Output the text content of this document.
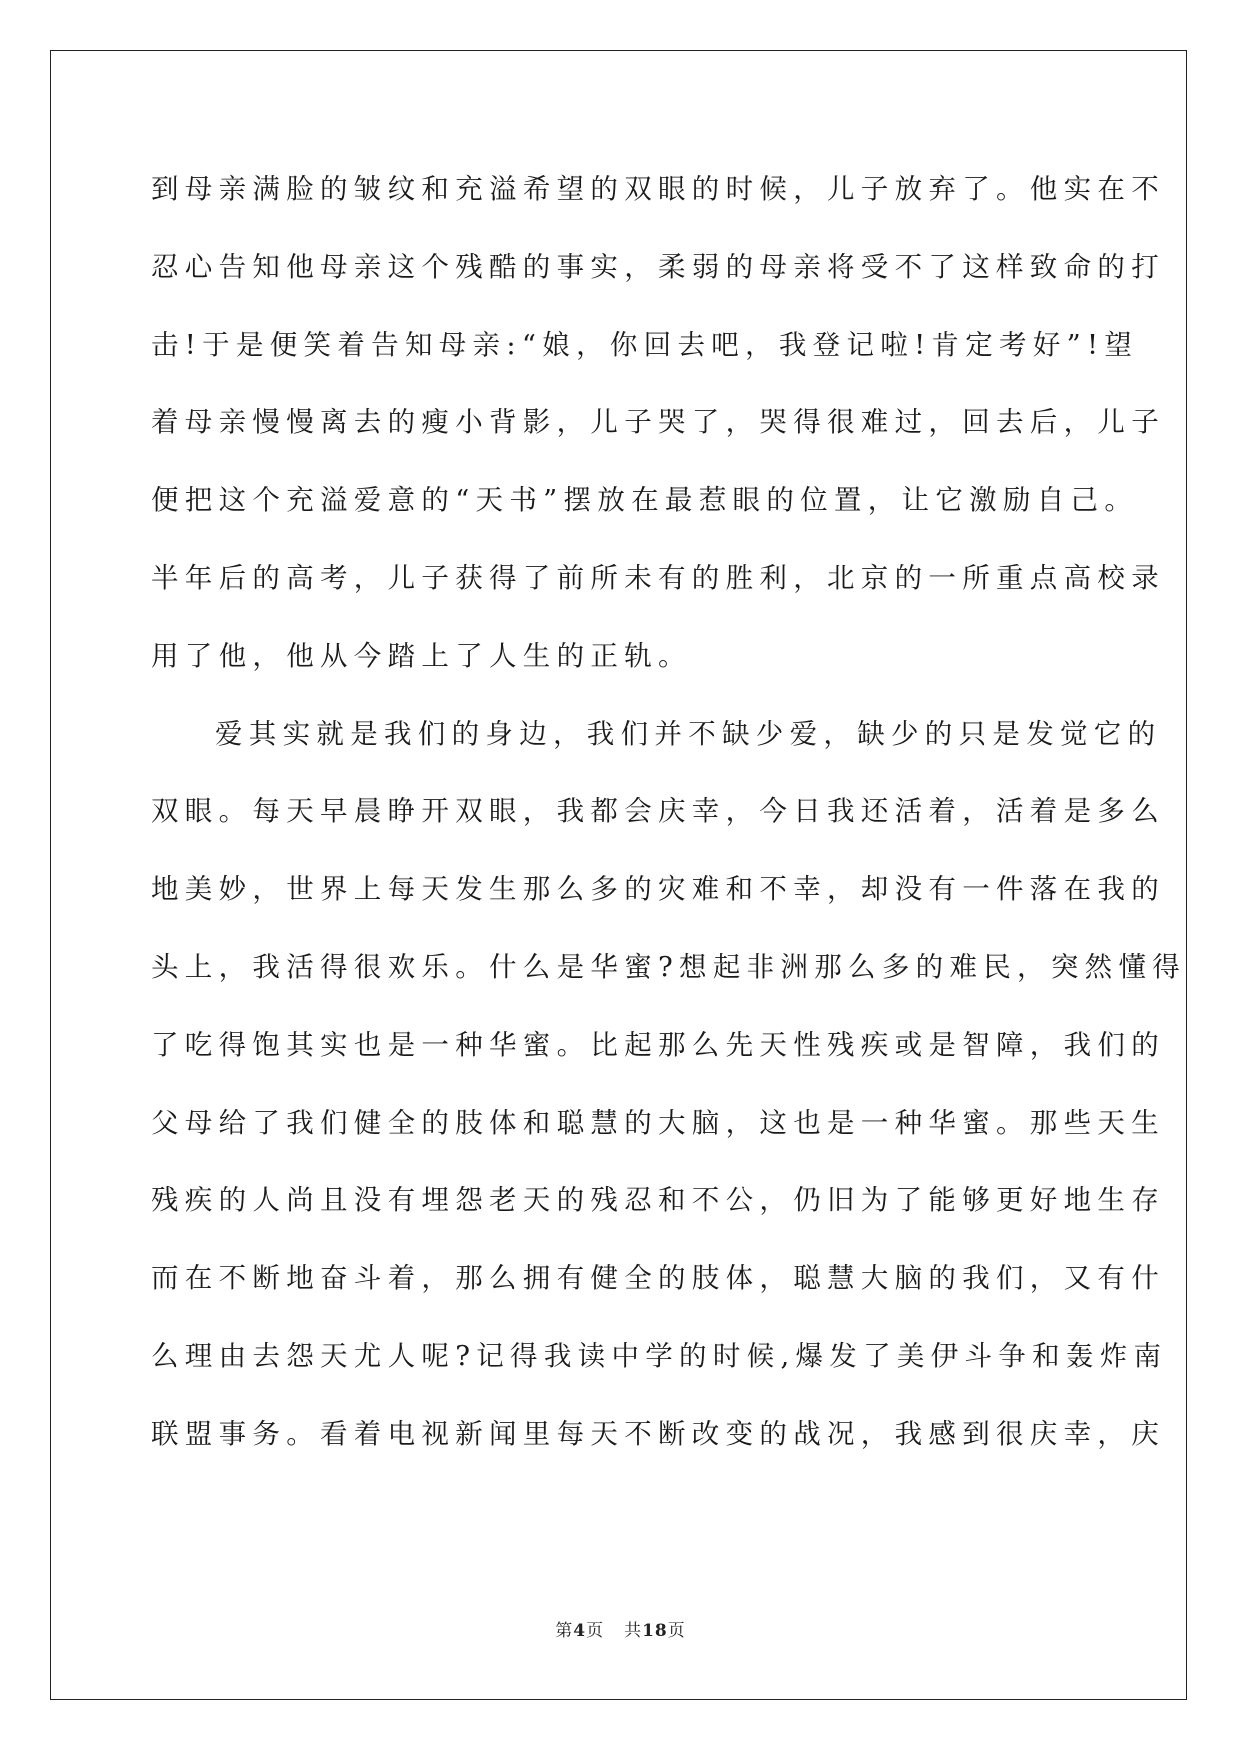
到母亲满脸的皱纹和充溢希望的双眼的时候，儿子放弃了。他实在不
忍心告知他母亲这个残酷的事实，柔弱的母亲将受不了这样致命的打
击!于是便笑着告知母亲:“娘，你回去吧，我登记啦!肯定考好”!望
着母亲慢慢离去的瘦小背影，儿子哭了，哭得很难过，回去后，儿子
便把这个充溢爱意的“天书”摆放在最惹眼的位置，让它激励自己。
半年后的高考，儿子获得了前所未有的胜利，北京的一所重点高校录
用了他，他从今踏上了人生的正轨。
爱其实就是我们的身边，我们并不缺少爱，缺少的只是发觉它的
双眼。每天早晨睁开双眼，我都会庆幸，今日我还活着，活着是多么
地美妙，世界上每天发生那么多的灾难和不幸，却没有一件落在我的
头上，我活得很欢乐。什么是华蜜?想起非洲那么多的难民，突然懂得
了吃得饱其实也是一种华蜜。比起那么先天性残疾或是智障，我们的
父母给了我们健全的肢体和聪慧的大脑，这也是一种华蜜。那些天生
残疾的人尚且没有埋怨老天的残忍和不公，仍旧为了能够更好地生存
而在不断地奋斗着，那么拥有健全的肢体，聪慧大脑的我们，又有什
么理由去怨天尤人呢?记得我读中学的时候,爆发了美伊斗争和轰炸南
联盟事务。看着电视新闻里每天不断改变的战况，我感到很庆幸，庆
第4页 共18页
